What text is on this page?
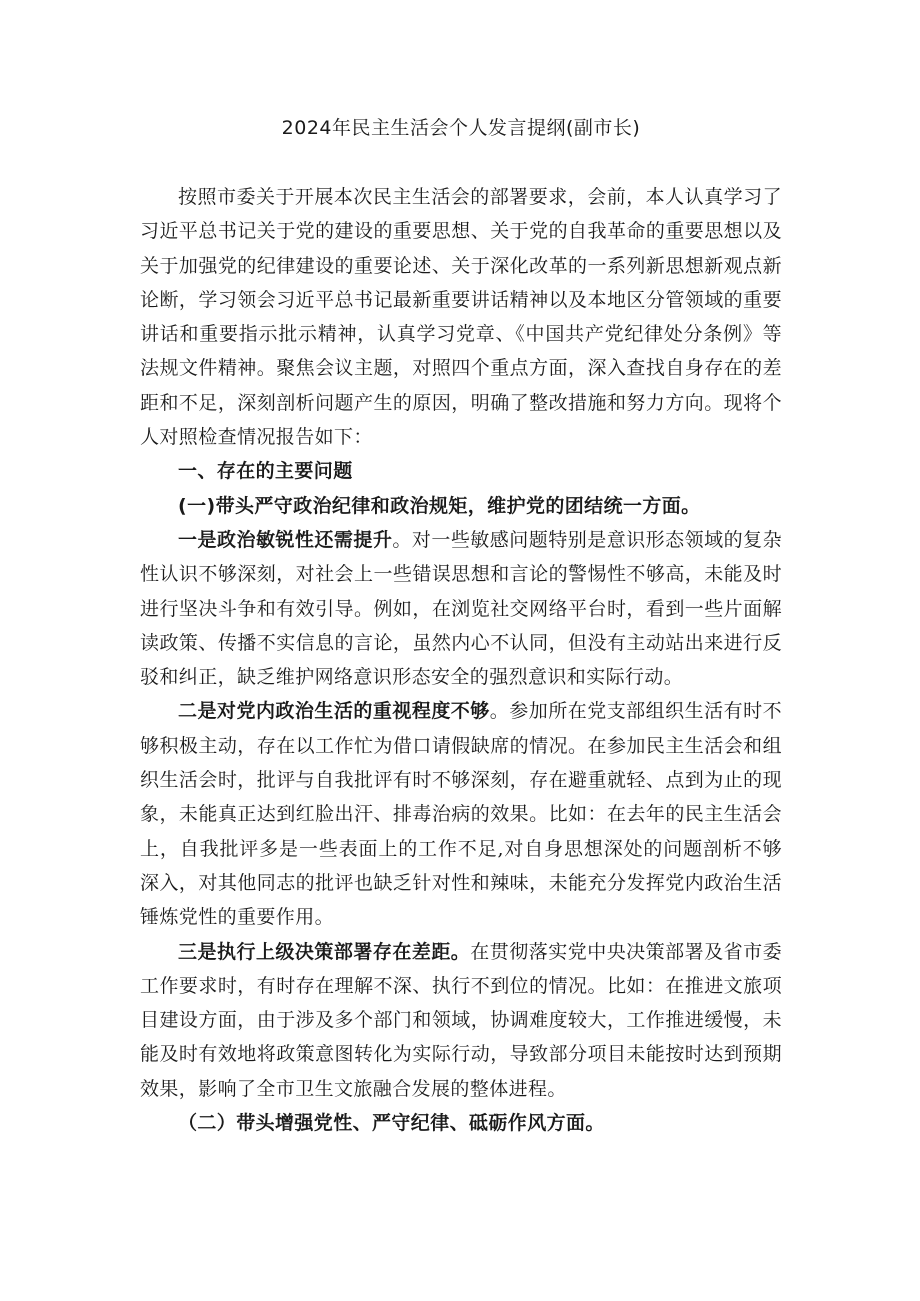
2024年民主生活会个人发言提纲(副市长)

按照市委关于开展本次民主生活会的部署要求，会前，本人认真学习了习近平总书记关于党的建设的重要思想、关于党的自我革命的重要思想以及关于加强党的纪律建设的重要论述、关于深化改革的一系列新思想新观点新论断，学习领会习近平总书记最新重要讲话精神以及本地区分管领域的重要讲话和重要指示批示精神，认真学习党章、《中国共产党纪律处分条例》等法规文件精神。聚焦会议主题，对照四个重点方面，深入查找自身存在的差距和不足，深刻剖析问题产生的原因，明确了整改措施和努力方向。现将个人对照检查情况报告如下：

一、存在的主要问题

(一)带头严守政治纪律和政治规矩，维护党的团结统一方面。

一是政治敏锐性还需提升。对一些敏感问题特别是意识形态领域的复杂性认识不够深刻，对社会上一些错误思想和言论的警惕性不够高，未能及时进行坚决斗争和有效引导。例如，在浏览社交网络平台时，看到一些片面解读政策、传播不实信息的言论，虽然内心不认同，但没有主动站出来进行反驳和纠正，缺乏维护网络意识形态安全的强烈意识和实际行动。

二是对党内政治生活的重视程度不够。参加所在党支部组织生活有时不够积极主动，存在以工作忙为借口请假缺席的情况。在参加民主生活会和组织生活会时，批评与自我批评有时不够深刻，存在避重就轻、点到为止的现象，未能真正达到红脸出汗、排毒治病的效果。比如：在去年的民主生活会上，自我批评多是一些表面上的工作不足,对自身思想深处的问题剖析不够深入，对其他同志的批评也缺乏针对性和辣味，未能充分发挥党内政治生活锤炼党性的重要作用。

三是执行上级决策部署存在差距。在贯彻落实党中央决策部署及省市委工作要求时，有时存在理解不深、执行不到位的情况。比如：在推进文旅项目建设方面，由于涉及多个部门和领域，协调难度较大，工作推进缓慢，未能及时有效地将政策意图转化为实际行动，导致部分项目未能按时达到预期效果，影响了全市卫生文旅融合发展的整体进程。

（二）带头增强党性、严守纪律、砥砺作风方面。
